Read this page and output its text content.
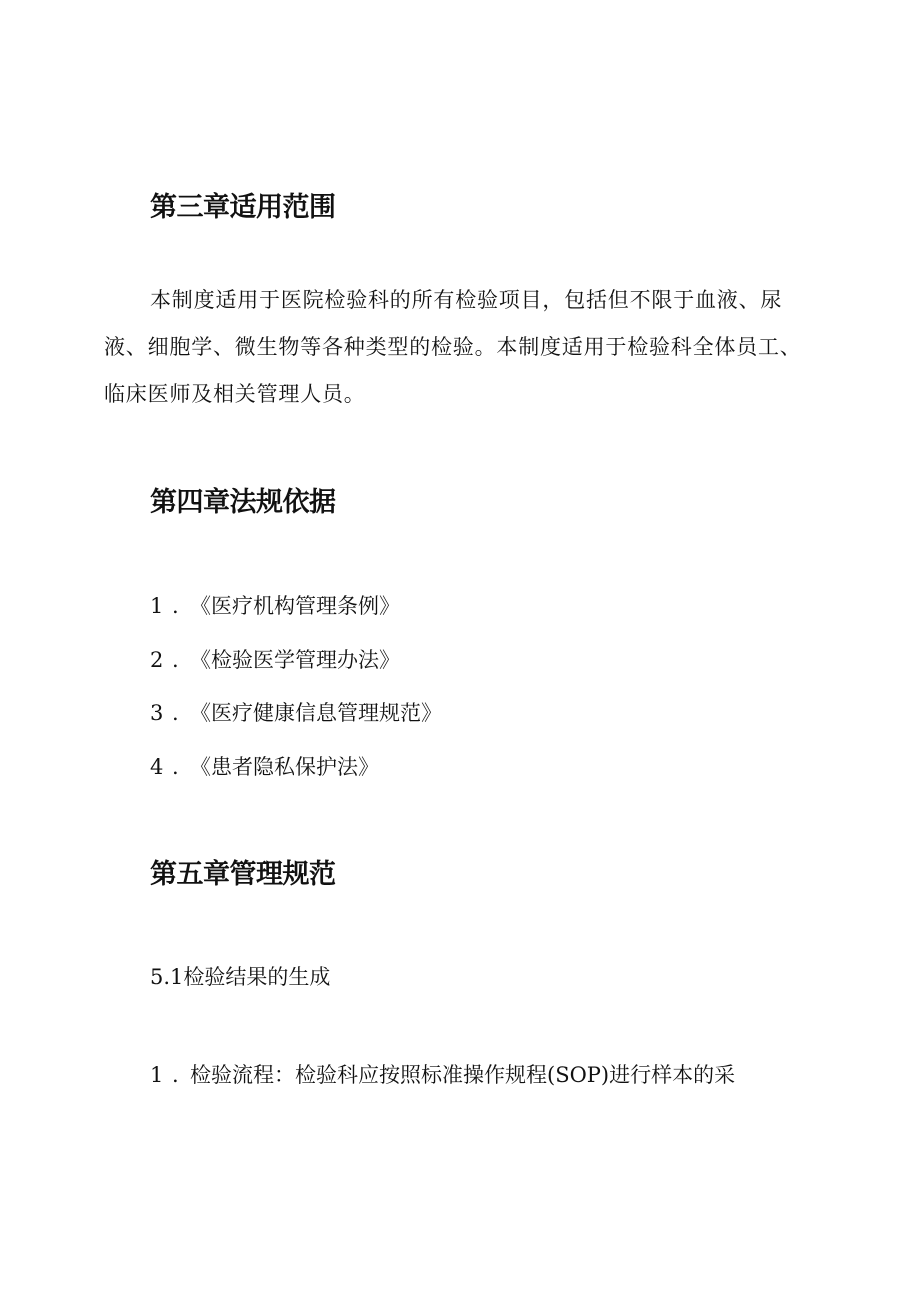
第三章适用范围

本制度适用于医院检验科的所有检验项目，包括但不限于血液、尿液、细胞学、微生物等各种类型的检验。本制度适用于检验科全体员工、临床医师及相关管理人员。

第四章法规依据
1 . 《医疗机构管理条例》
2 . 《检验医学管理办法》
3 . 《医疗健康信息管理规范》
4 . 《患者隐私保护法》
第五章管理规范
5.1检验结果的生成
1 . 检验流程：检验科应按照标准操作规程(SOP)进行样本的采
